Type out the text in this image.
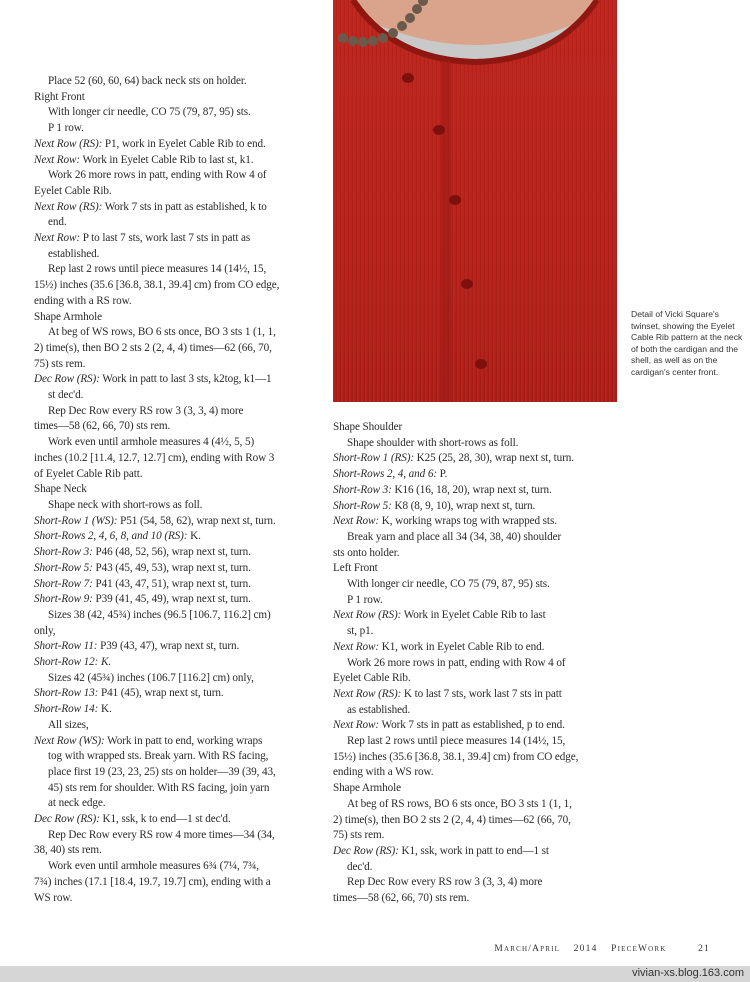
Place 52 (60, 60, 64) back neck sts on holder.
Right Front
With longer cir needle, CO 75 (79, 87, 95) sts.
P 1 row.
Next Row (RS): P1, work in Eyelet Cable Rib to end.
Next Row: Work in Eyelet Cable Rib to last st, k1.
Work 26 more rows in patt, ending with Row 4 of
Eyelet Cable Rib.
Next Row (RS): Work 7 sts in patt as established, k to
end.
Next Row: P to last 7 sts, work last 7 sts in patt as
established.
Rep last 2 rows until piece measures 14 (14½, 15,
15½) inches (35.6 [36.8, 38.1, 39.4] cm) from CO edge,
ending with a RS row.
Shape Armhole
At beg of WS rows, BO 6 sts once, BO 3 sts 1 (1, 1,
2) time(s), then BO 2 sts 2 (2, 4, 4) times—62 (66, 70,
75) sts rem.
Dec Row (RS): Work in patt to last 3 sts, k2tog, k1—1
st dec'd.
Rep Dec Row every RS row 3 (3, 3, 4) more
times—58 (62, 66, 70) sts rem.
Work even until armhole measures 4 (4½, 5, 5)
inches (10.2 [11.4, 12.7, 12.7] cm), ending with Row 3
of Eyelet Cable Rib patt.
Shape Neck
Shape neck with short-rows as foll.
Short-Row 1 (WS): P51 (54, 58, 62), wrap next st, turn.
Short-Rows 2, 4, 6, 8, and 10 (RS): K.
Short-Row 3: P46 (48, 52, 56), wrap next st, turn.
Short-Row 5: P43 (45, 49, 53), wrap next st, turn.
Short-Row 7: P41 (43, 47, 51), wrap next st, turn.
Short-Row 9: P39 (41, 45, 49), wrap next st, turn.
Sizes 38 (42, 45¾) inches (96.5 [106.7, 116.2] cm)
only,
Short-Row 11: P39 (43, 47), wrap next st, turn.
Short-Row 12: K.
Sizes 42 (45¾) inches (106.7 [116.2] cm) only,
Short-Row 13: P41 (45), wrap next st, turn.
Short-Row 14: K.
All sizes,
Next Row (WS): Work in patt to end, working wraps
tog with wrapped sts. Break yarn. With RS facing,
place first 19 (23, 23, 25) sts on holder—39 (39, 43,
45) sts rem for shoulder. With RS facing, join yarn
at neck edge.
Dec Row (RS): K1, ssk, k to end—1 st dec'd.
Rep Dec Row every RS row 4 more times—34 (34,
38, 40) sts rem.
Work even until armhole measures 6¾ (7¼, 7¾,
7¾) inches (17.1 [18.4, 19.7, 19.7] cm), ending with a
WS row.
Detail of Vicki Square's twinset, showing the Eyelet Cable Rib pattern at the neck of both the cardigan and the shell, as well as on the cardigan's center front.
Shape Shoulder
Shape shoulder with short-rows as foll.
Short-Row 1 (RS): K25 (25, 28, 30), wrap next st, turn.
Short-Rows 2, 4, and 6: P.
Short-Row 3: K16 (16, 18, 20), wrap next st, turn.
Short-Row 5: K8 (8, 9, 10), wrap next st, turn.
Next Row: K, working wraps tog with wrapped sts.
Break yarn and place all 34 (34, 38, 40) shoulder
sts onto holder.
Left Front
With longer cir needle, CO 75 (79, 87, 95) sts.
P 1 row.
Next Row (RS): Work in Eyelet Cable Rib to last
st, p1.
Next Row: K1, work in Eyelet Cable Rib to end.
Work 26 more rows in patt, ending with Row 4 of
Eyelet Cable Rib.
Next Row (RS): K to last 7 sts, work last 7 sts in patt
as established.
Next Row: Work 7 sts in patt as established, p to end.
Rep last 2 rows until piece measures 14 (14½, 15,
15½) inches (35.6 [36.8, 38.1, 39.4] cm) from CO edge,
ending with a WS row.
Shape Armhole
At beg of RS rows, BO 6 sts once, BO 3 sts 1 (1, 1,
2) time(s), then BO 2 sts 2 (2, 4, 4) times—62 (66, 70,
75) sts rem.
Dec Row (RS): K1, ssk, work in patt to end—1 st
dec'd.
Rep Dec Row every RS row 3 (3, 3, 4) more
times—58 (62, 66, 70) sts rem.
March/April 2014 PieceWork	21
vivian-xs.blog.163.com
